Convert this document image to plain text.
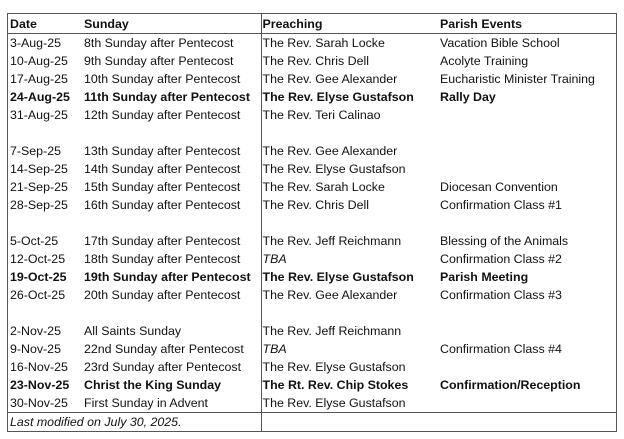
Date	Sunday	Preaching	Parish Events
3-Aug-25	8th Sunday after Pentecost	The Rev. Sarah Locke	Vacation Bible School
10-Aug-25	9th Sunday after Pentecost	The Rev. Chris Dell	Acolyte Training
17-Aug-25	10th Sunday after Pentecost	The Rev. Gee Alexander	Eucharistic Minister Training
24-Aug-25	11th Sunday after Pentecost	The Rev. Elyse Gustafson	Rally Day
31-Aug-25	12th Sunday after Pentecost	The Rev. Teri Calinao	

7-Sep-25	13th Sunday after Pentecost	The Rev. Gee Alexander	
14-Sep-25	14th Sunday after Pentecost	The Rev. Elyse Gustafson	
21-Sep-25	15th Sunday after Pentecost	The Rev. Sarah Locke	Diocesan Convention
28-Sep-25	16th Sunday after Pentecost	The Rev. Chris Dell	Confirmation Class #1

5-Oct-25	17th Sunday after Pentecost	The Rev. Jeff Reichmann	Blessing of the Animals
12-Oct-25	18th Sunday after Pentecost	TBA	Confirmation Class #2
19-Oct-25	19th Sunday after Pentecost	The Rev. Elyse Gustafson	Parish Meeting
26-Oct-25	20th Sunday after Pentecost	The Rev. Gee Alexander	Confirmation Class #3

2-Nov-25	All Saints Sunday	The Rev. Jeff Reichmann	
9-Nov-25	22nd Sunday after Pentecost	TBA	Confirmation Class #4
16-Nov-25	23rd Sunday after Pentecost	The Rev. Elyse Gustafson	
23-Nov-25	Christ the King Sunday	The Rt. Rev. Chip Stokes	Confirmation/Reception
30-Nov-25	First Sunday in Advent	The Rev. Elyse Gustafson	
Last modified on July 30, 2025.
